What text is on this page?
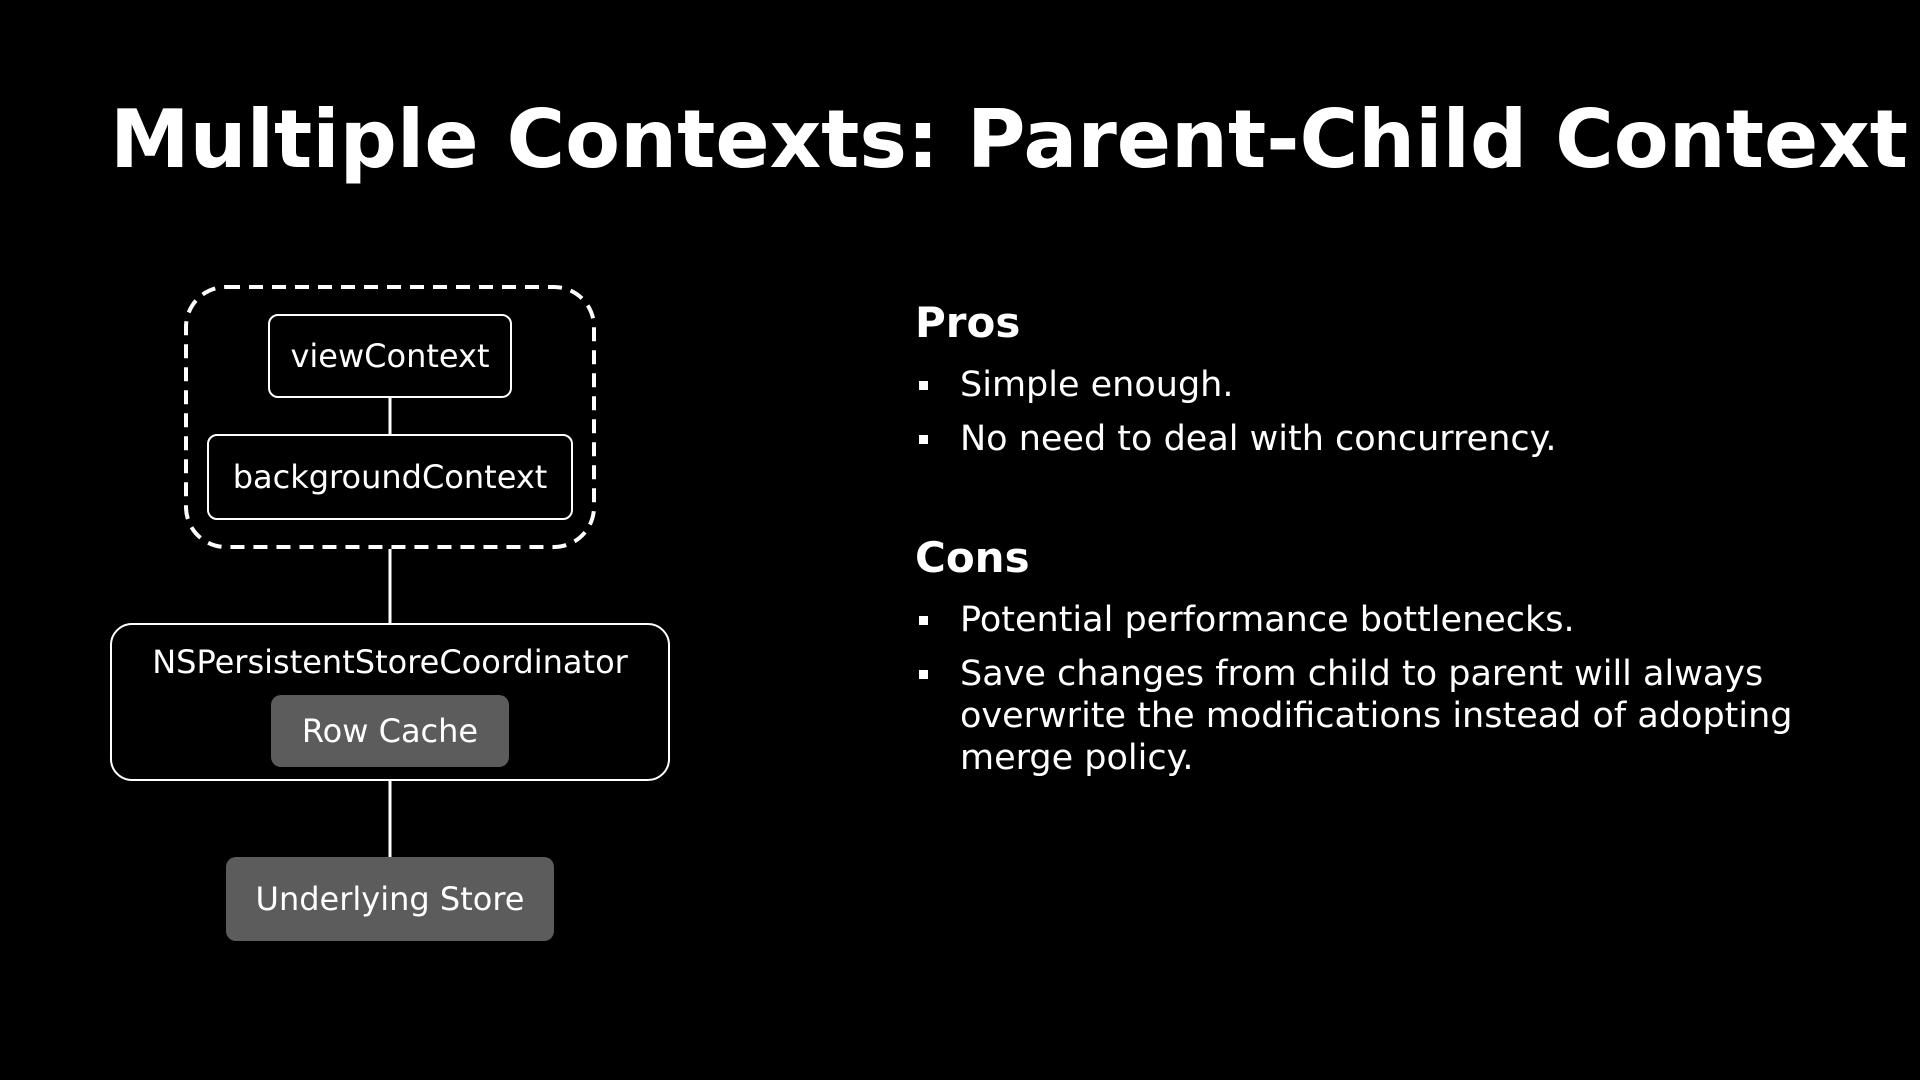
Multiple Contexts: Parent-Child Context
viewContext
backgroundContext
NSPersistentStoreCoordinator
Row Cache
Underlying Store
Pros
Simple enough.
No need to deal with concurrency.
Cons
Potential performance bottlenecks.
Save changes from child to parent will always overwrite the modifications instead of adopting merge policy.
